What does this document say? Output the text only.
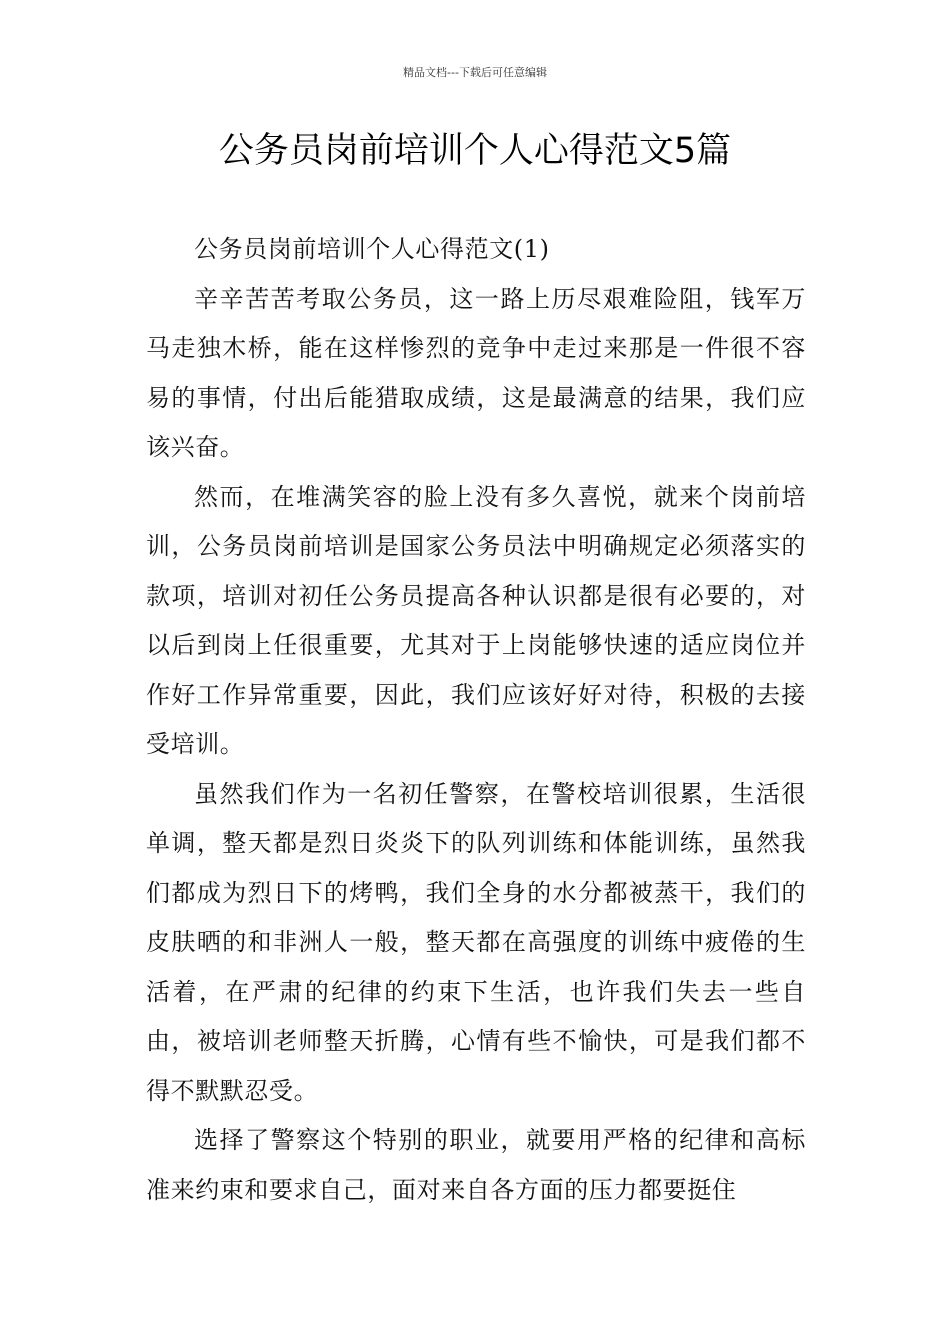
精品文档---下载后可任意编辑
公务员岗前培训个人心得范文5篇

公务员岗前培训个人心得范文(1)

辛辛苦苦考取公务员，这一路上历尽艰难险阻，钱军万马走独木桥，能在这样惨烈的竞争中走过来那是一件很不容易的事情，付出后能猎取成绩，这是最满意的结果，我们应该兴奋。

然而，在堆满笑容的脸上没有多久喜悦，就来个岗前培训，公务员岗前培训是国家公务员法中明确规定必须落实的款项，培训对初任公务员提高各种认识都是很有必要的，对以后到岗上任很重要，尤其对于上岗能够快速的适应岗位并作好工作异常重要，因此，我们应该好好对待，积极的去接受培训。

虽然我们作为一名初任警察，在警校培训很累，生活很单调，整天都是烈日炎炎下的队列训练和体能训练，虽然我们都成为烈日下的烤鸭，我们全身的水分都被蒸干，我们的皮肤晒的和非洲人一般，整天都在高强度的训练中疲倦的生活着，在严肃的纪律的约束下生活，也许我们失去一些自由，被培训老师整天折腾，心情有些不愉快，可是我们都不得不默默忍受。

选择了警察这个特别的职业，就要用严格的纪律和高标准来约束和要求自己，面对来自各方面的压力都要挺住
